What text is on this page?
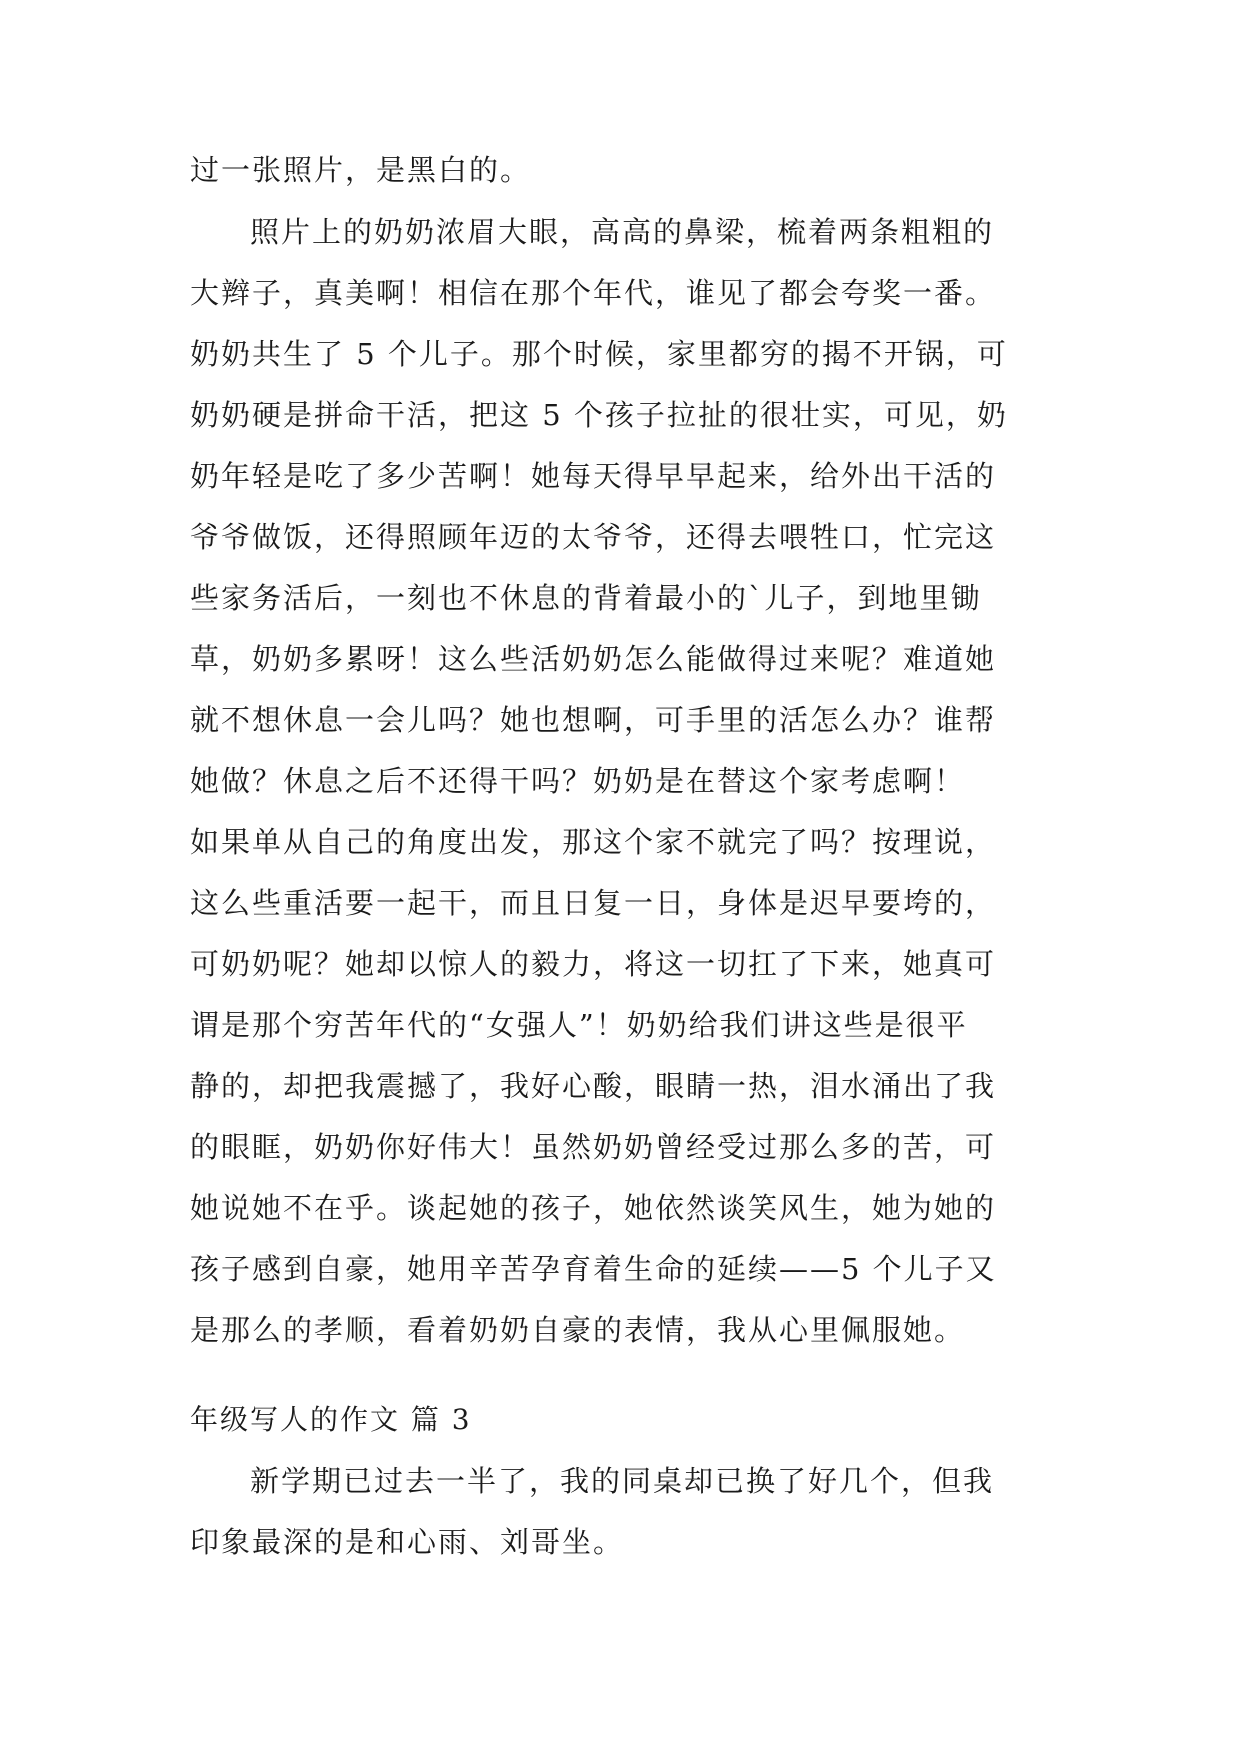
过一张照片，是黑白的。
照片上的奶奶浓眉大眼，高高的鼻梁，梳着两条粗粗的
大辫子，真美啊！相信在那个年代，谁见了都会夸奖一番。
奶奶共生了 5 个儿子。那个时候，家里都穷的揭不开锅，可
奶奶硬是拼命干活，把这 5 个孩子拉扯的很壮实，可见，奶
奶年轻是吃了多少苦啊！她每天得早早起来，给外出干活的
爷爷做饭，还得照顾年迈的太爷爷，还得去喂牲口，忙完这
些家务活后，一刻也不休息的背着最小的`儿子，到地里锄
草，奶奶多累呀！这么些活奶奶怎么能做得过来呢？难道她
就不想休息一会儿吗？她也想啊，可手里的活怎么办？谁帮
她做？休息之后不还得干吗？奶奶是在替这个家考虑啊！
如果单从自己的角度出发，那这个家不就完了吗？按理说，
这么些重活要一起干，而且日复一日，身体是迟早要垮的，
可奶奶呢？她却以惊人的毅力，将这一切扛了下来，她真可
谓是那个穷苦年代的“女强人”！奶奶给我们讲这些是很平
静的，却把我震撼了，我好心酸，眼睛一热，泪水涌出了我
的眼眶，奶奶你好伟大！虽然奶奶曾经受过那么多的苦，可
她说她不在乎。谈起她的孩子，她依然谈笑风生，她为她的
孩子感到自豪，她用辛苦孕育着生命的延续——5 个儿子又
是那么的孝顺，看着奶奶自豪的表情，我从心里佩服她。
年级写人的作文 篇 3
新学期已过去一半了，我的同桌却已换了好几个，但我
印象最深的是和心雨、刘哥坐。
